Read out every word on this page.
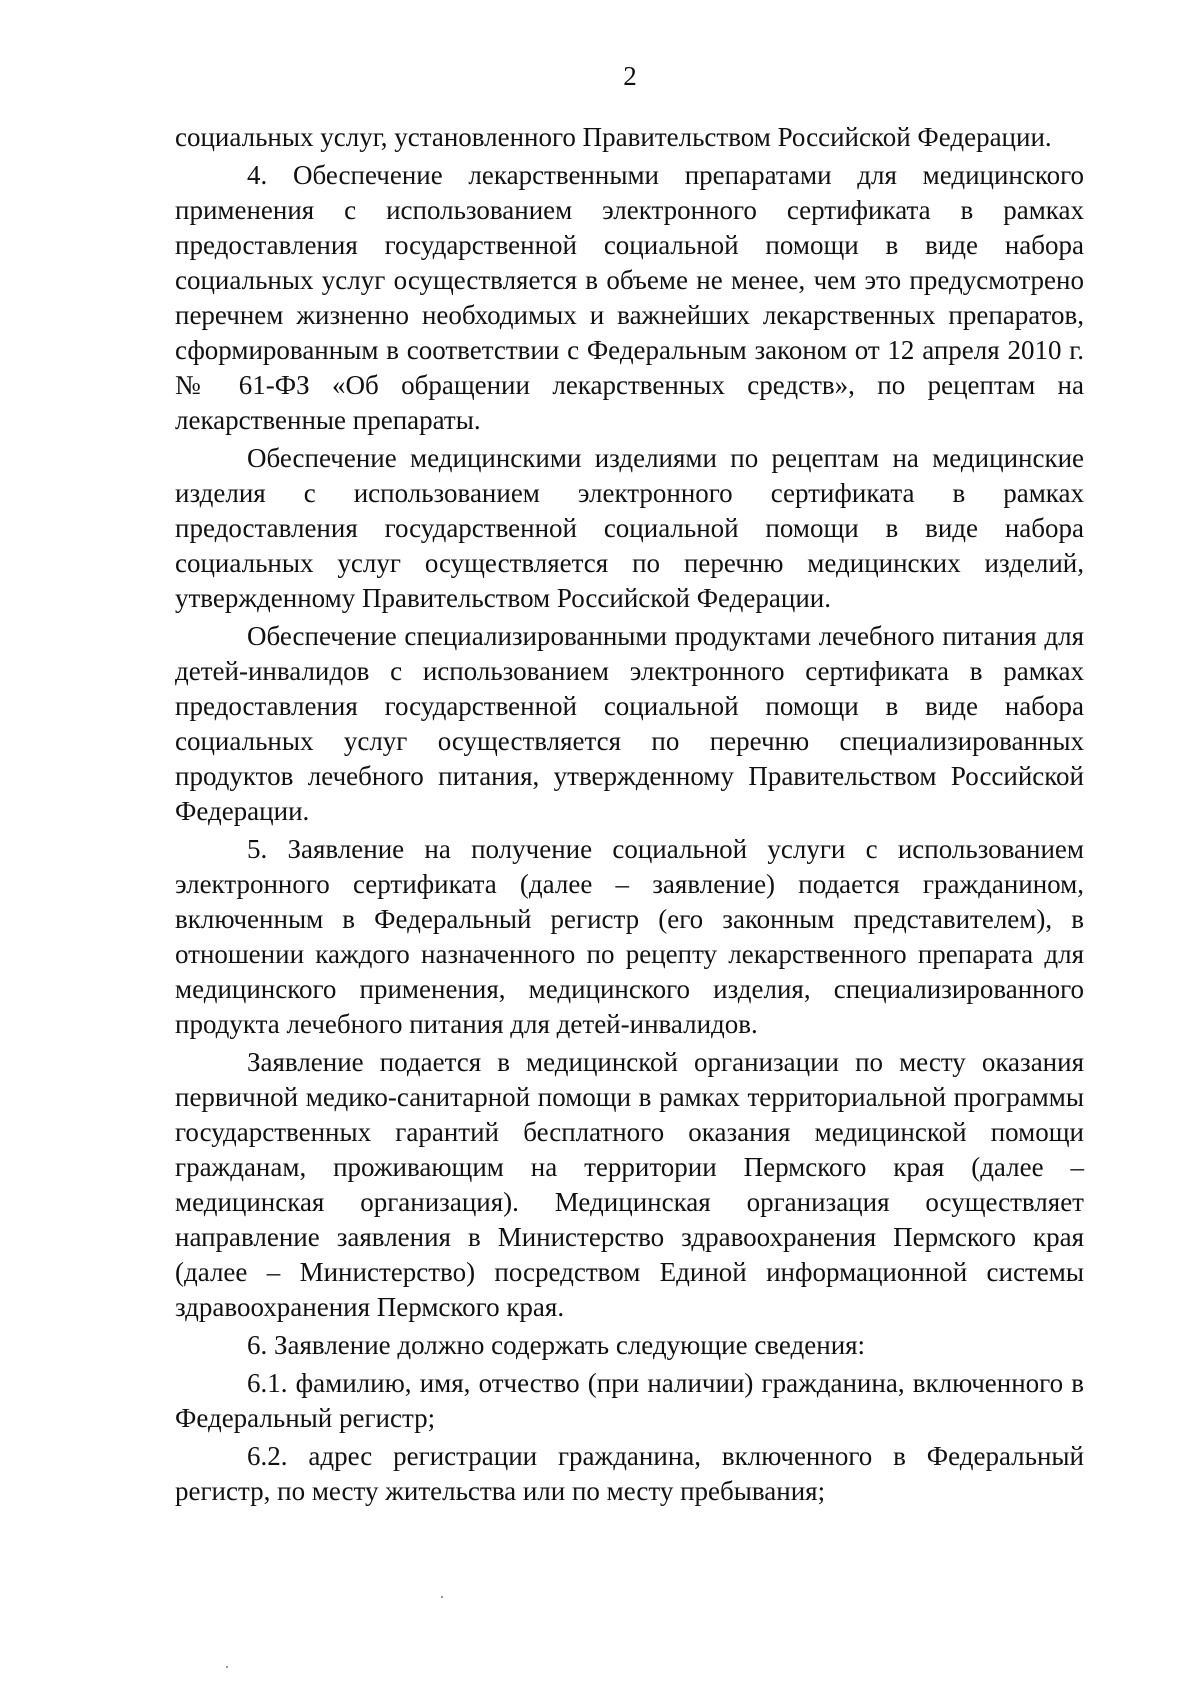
2

социальных услуг, установленного Правительством Российской Федерации.

4. Обеспечение лекарственными препаратами для медицинского применения с использованием электронного сертификата в рамках предоставления государственной социальной помощи в виде набора социальных услуг осуществляется в объеме не менее, чем это предусмотрено перечнем жизненно необходимых и важнейших лекарственных препаратов, сформированным в соответствии с Федеральным законом от 12 апреля 2010 г. № 61-ФЗ «Об обращении лекарственных средств», по рецептам на лекарственные препараты.

Обеспечение медицинскими изделиями по рецептам на медицинские изделия с использованием электронного сертификата в рамках предоставления государственной социальной помощи в виде набора социальных услуг осуществляется по перечню медицинских изделий, утвержденному Правительством Российской Федерации.

Обеспечение специализированными продуктами лечебного питания для детей-инвалидов с использованием электронного сертификата в рамках предоставления государственной социальной помощи в виде набора социальных услуг осуществляется по перечню специализированных продуктов лечебного питания, утвержденному Правительством Российской Федерации.

5. Заявление на получение социальной услуги с использованием электронного сертификата (далее – заявление) подается гражданином, включенным в Федеральный регистр (его законным представителем), в отношении каждого назначенного по рецепту лекарственного препарата для медицинского применения, медицинского изделия, специализированного продукта лечебного питания для детей-инвалидов.

Заявление подается в медицинской организации по месту оказания первичной медико-санитарной помощи в рамках территориальной программы государственных гарантий бесплатного оказания медицинской помощи гражданам, проживающим на территории Пермского края (далее – медицинская организация). Медицинская организация осуществляет направление заявления в Министерство здравоохранения Пермского края (далее – Министерство) посредством Единой информационной системы здравоохранения Пермского края.

6. Заявление должно содержать следующие сведения:

6.1. фамилию, имя, отчество (при наличии) гражданина, включенного в Федеральный регистр;

6.2. адрес регистрации гражданина, включенного в Федеральный регистр, по месту жительства или по месту пребывания;
